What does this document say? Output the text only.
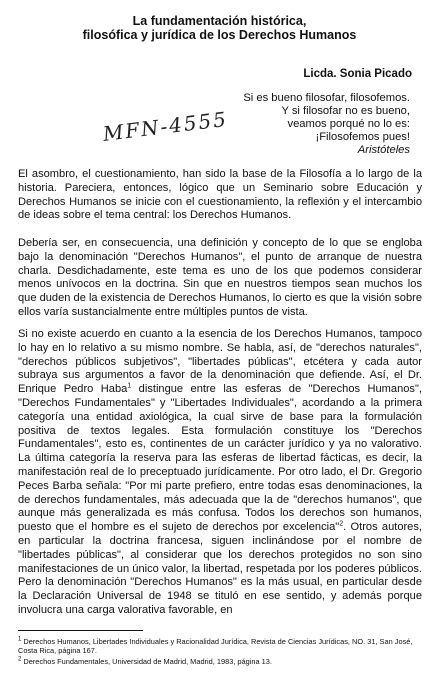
La fundamentación histórica,
filosófica y jurídica de los Derechos Humanos
Licda. Sonia Picado
Si es bueno filosofar, filosofemos.
Y si filosofar no es bueno,
veamos porqué no lo es:
¡Filosofemos pues!
Aristóteles
MFN-4555

El asombro, el cuestionamiento, han sido la base de la Filosofía a lo largo de la historia. Pareciera, entonces, lógico que un Seminario sobre Educación y Derechos Humanos se inicie con el cuestionamiento, la reflexión y el intercambio de ideas sobre el tema central: los Derechos Humanos.

Debería ser, en consecuencia, una definición y concepto de lo que se engloba bajo la denominación "Derechos Humanos", el punto de arranque de nuestra charla. Desdichadamente, este tema es uno de los que podemos considerar menos unívocos en la doctrina. Sin que en nuestros tiempos sean muchos los que duden de la existencia de Derechos Humanos, lo cierto es que la visión sobre ellos varía sustancialmente entre múltiples puntos de vista.

Si no existe acuerdo en cuanto a la esencia de los Derechos Humanos, tampoco lo hay en lo relativo a su mismo nombre. Se habla, así, de "derechos naturales", "derechos públicos subjetivos", "libertades públicas", etcétera y cada autor subraya sus argumentos a favor de la denominación que defiende. Así, el Dr. Enrique Pedro Haba$^1$ distingue entre las esferas de "Derechos Humanos", "Derechos Fundamentales" y "Libertades Individuales", acordando a la primera categoría una entidad axiológica, la cual sirve de base para la formulación positiva de textos legales. Esta formulación constituye los "Derechos Fundamentales", esto es, continentes de un carácter jurídico y ya no valorativo. La última categoría la reserva para las esferas de libertad fácticas, es decir, la manifestación real de lo preceptuado jurídicamente. Por otro lado, el Dr. Gregorio Peces Barba señala: "Por mi parte prefiero, entre todas esas denominaciones, la de derechos fundamentales, más adecuada que la de "derechos humanos", que aunque más generalizada es más confusa. Todos los derechos son humanos, puesto que el hombre es el sujeto de derechos por excelencia"$^2$. Otros autores, en particular la doctrina francesa, siguen inclinándose por el nombre de "libertades públicas", al considerar que los derechos protegidos no son sino manifestaciones de un único valor, la libertad, respetada por los poderes públicos. Pero la denominación "Derechos Humanos" es la más usual, en particular desde la Declaración Universal de 1948 se tituló en ese sentido, y además porque involucra una carga valorativa favorable, en

$^1$ Derechos Humanos, Libertades Individuales y Racionalidad Jurídica, Revista de Ciencias Jurídicas, NO. 31, San José, Costa Rica, página 167.

$^2$ Derechos Fundamentales, Universidad de Madrid, Madrid, 1983, página 13.
